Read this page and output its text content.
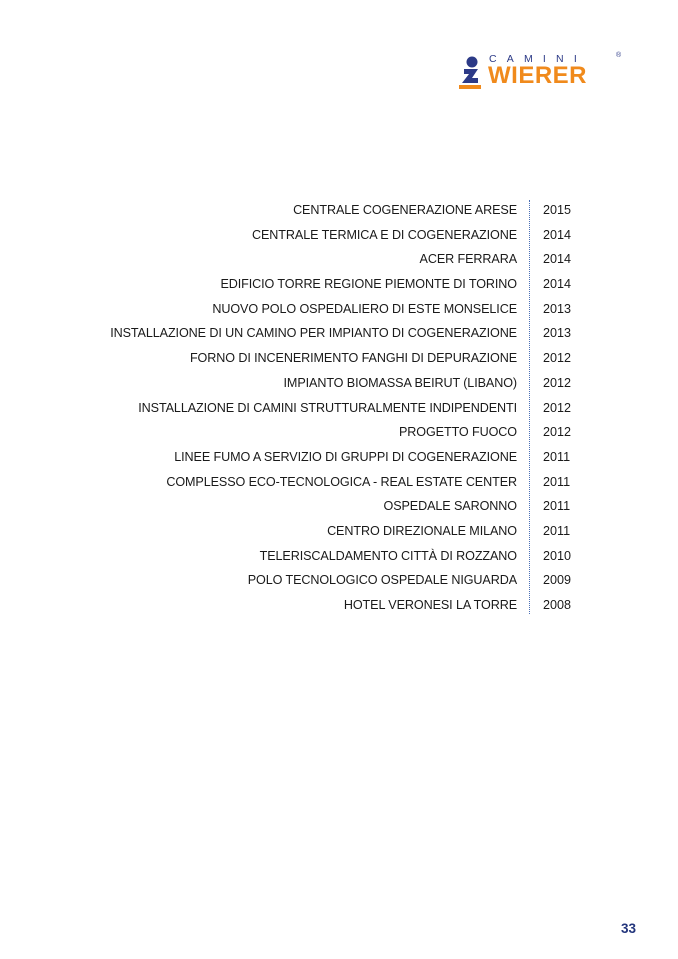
CAMINI	®
WIERER
CENTRALE COGENERAZIONE ARESE 2015
CENTRALE TERMICA E DI COGENERAZIONE 2014
ACER FERRARA 2014
EDIFICIO TORRE REGIONE PIEMONTE DI TORINO 2014
NUOVO POLO OSPEDALIERO DI ESTE MONSELICE 2013
INSTALLAZIONE DI UN CAMINO PER IMPIANTO DI COGENERAZIONE 2013
FORNO DI INCENERIMENTO FANGHI DI DEPURAZIONE 2012
IMPIANTO BIOMASSA BEIRUT (LIBANO) 2012
INSTALLAZIONE DI CAMINI STRUTTURALMENTE INDIPENDENTI 2012
PROGETTO FUOCO 2012
LINEE FUMO A SERVIZIO DI GRUPPI DI COGENERAZIONE 2011
COMPLESSO ECO-TECNOLOGICA - REAL ESTATE CENTER 2011
OSPEDALE SARONNO 2011
CENTRO DIREZIONALE MILANO 2011
TELERISCALDAMENTO CITTÀ DI ROZZANO 2010
POLO TECNOLOGICO OSPEDALE NIGUARDA 2009
HOTEL VERONESI LA TORRE 2008
33
